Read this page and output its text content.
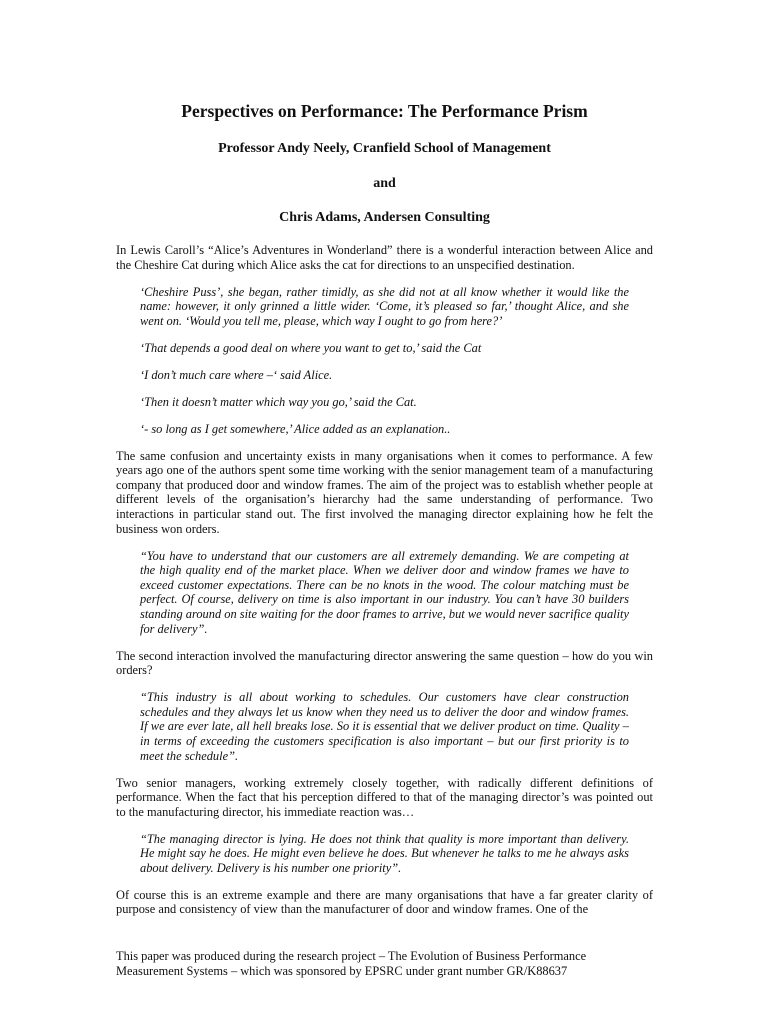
Perspectives on Performance: The Performance Prism

Professor Andy Neely, Cranfield School of Management

and

Chris Adams, Andersen Consulting

In Lewis Caroll’s “Alice’s Adventures in Wonderland” there is a wonderful interaction between Alice and the Cheshire Cat during which Alice asks the cat for directions to an unspecified destination.

‘Cheshire Puss’, she began, rather timidly, as she did not at all know whether it would like the name: however, it only grinned a little wider. ‘Come, it’s pleased so far,’ thought Alice, and she went on. ‘Would you tell me, please, which way I ought to go from here?’

‘That depends a good deal on where you want to get to,’ said the Cat

‘I don’t much care where –‘ said Alice.

‘Then it doesn’t matter which way you go,’ said the Cat.

‘- so long as I get somewhere,’ Alice added as an explanation..

The same confusion and uncertainty exists in many organisations when it comes to performance. A few years ago one of the authors spent some time working with the senior management team of a manufacturing company that produced door and window frames. The aim of the project was to establish whether people at different levels of the organisation’s hierarchy had the same understanding of performance. Two interactions in particular stand out. The first involved the managing director explaining how he felt the business won orders.

“You have to understand that our customers are all extremely demanding. We are competing at the high quality end of the market place. When we deliver door and window frames we have to exceed customer expectations. There can be no knots in the wood. The colour matching must be perfect. Of course, delivery on time is also important in our industry. You can’t have 30 builders standing around on site waiting for the door frames to arrive, but we would never sacrifice quality for delivery”.

The second interaction involved the manufacturing director answering the same question – how do you win orders?

“This industry is all about working to schedules. Our customers have clear construction schedules and they always let us know when they need us to deliver the door and window frames. If we are ever late, all hell breaks lose. So it is essential that we deliver product on time. Quality – in terms of exceeding the customers specification is also important – but our first priority is to meet the schedule”.

Two senior managers, working extremely closely together, with radically different definitions of performance. When the fact that his perception differed to that of the managing director’s was pointed out to the manufacturing director, his immediate reaction was…

“The managing director is lying. He does not think that quality is more important than delivery. He might say he does. He might even believe he does. But whenever he talks to me he always asks about delivery. Delivery is his number one priority”.

Of course this is an extreme example and there are many organisations that have a far greater clarity of purpose and consistency of view than the manufacturer of door and window frames. One of the

This paper was produced during the research project – The Evolution of Business Performance Measurement Systems – which was sponsored by EPSRC under grant number GR/K88637
